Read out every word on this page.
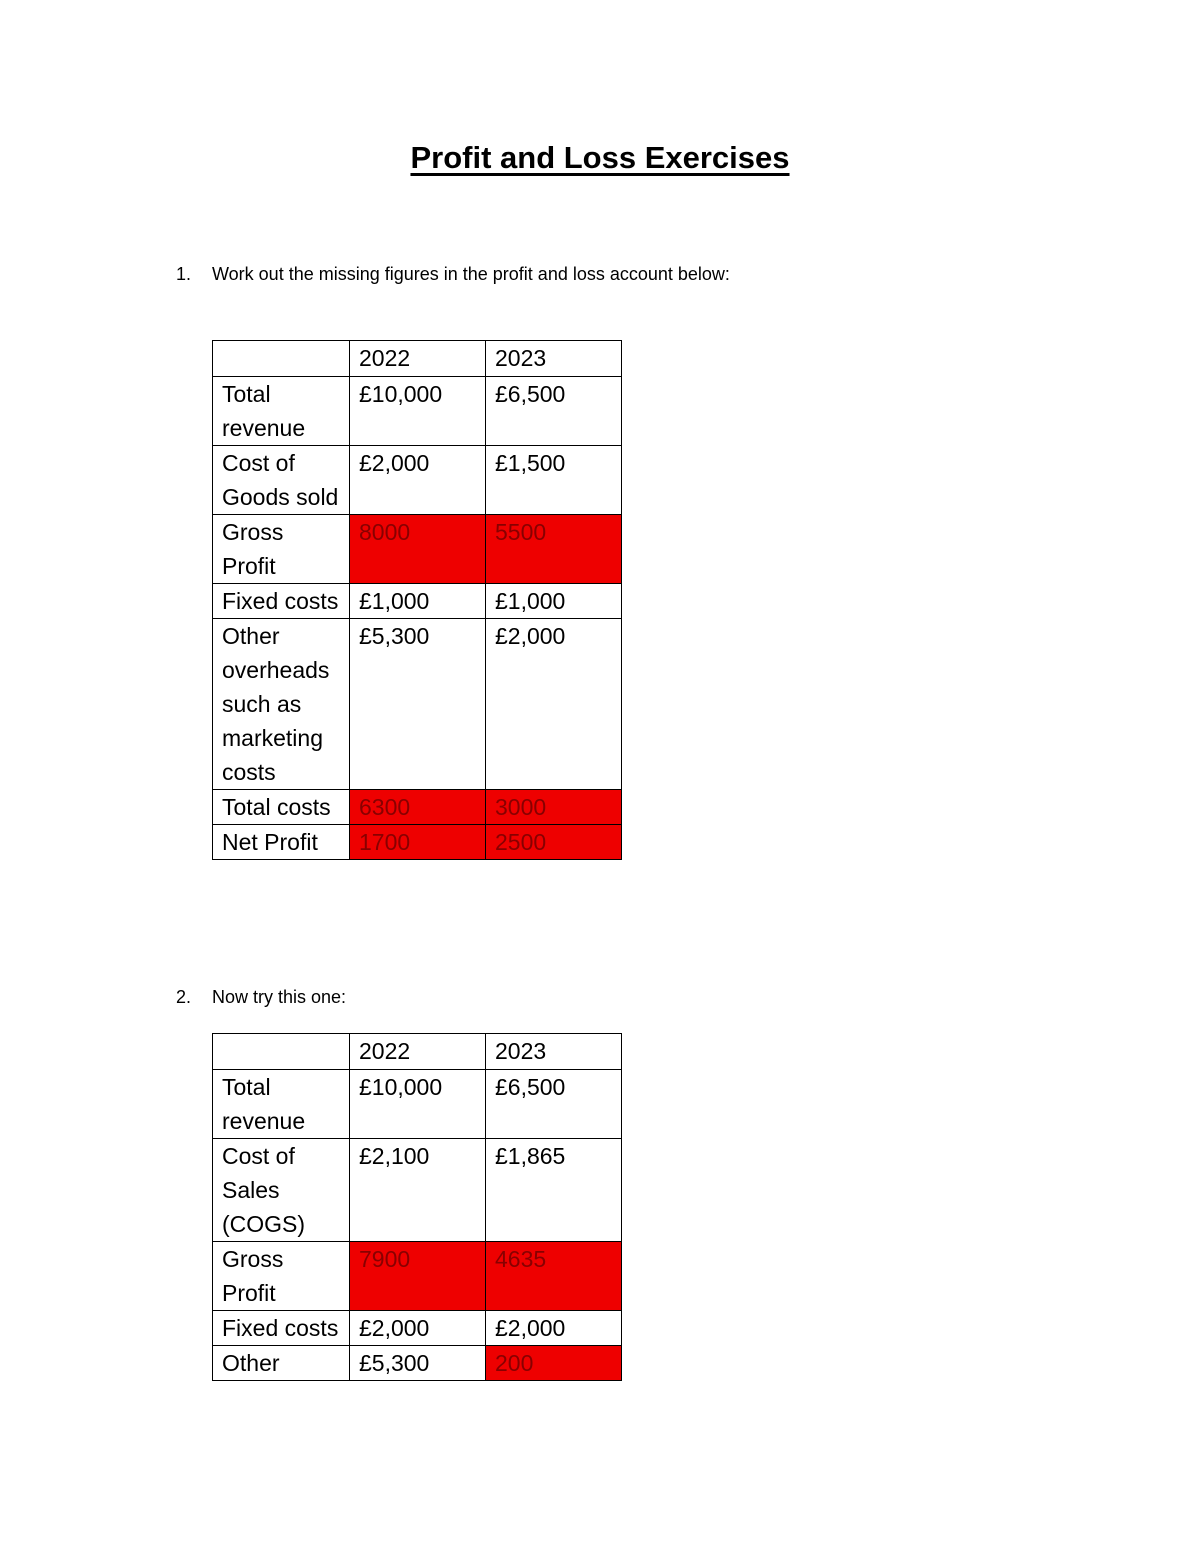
Profit and Loss Exercises
1.	Work out the missing figures in the profit and loss account below:
	2022	2023
Total revenue	£10,000	£6,500
Cost of Goods sold	£2,000	£1,500
Gross Profit	8000	5500
Fixed costs	£1,000	£1,000
Other overheads such as marketing costs	£5,300	£2,000
Total costs	6300	3000
Net Profit	1700	2500
2.	Now try this one:
	2022	2023
Total revenue	£10,000	£6,500
Cost of Sales (COGS)	£2,100	£1,865
Gross Profit	7900	4635
Fixed costs	£2,000	£2,000
Other	£5,300	200
